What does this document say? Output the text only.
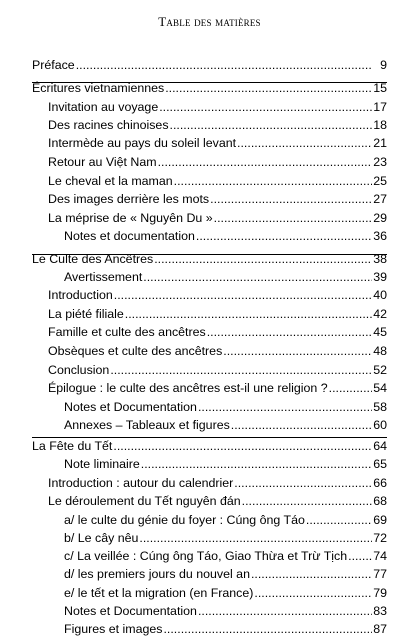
Table des matières
Préface .....	9
Écritures vietnamiennes .....	15
Invitation au voyage .....	17
Des racines chinoises .....	18
Intermède au pays du soleil levant .....	21
Retour au Việt Nam .....	23
Le cheval et la maman .....	25
Des images derrière les mots .....	27
La méprise de « Nguyên Du » .....	29
Notes et documentation .....	36
Le Culte des Ancêtres .....	38
Avertissement .....	39
Introduction .....	40
La piété filiale .....	42
Famille et culte des ancêtres .....	45
Obsèques et culte des ancêtres .....	48
Conclusion .....	52
Épilogue : le culte des ancêtres est-il une religion ? .....	54
Notes et Documentation .....	58
Annexes – Tableaux et figures .....	60
La Fête du Tết .....	64
Note liminaire .....	65
Introduction : autour du calendrier .....	66
Le déroulement du Tết nguyên đán .....	68
a/ le culte du génie du foyer : Cúng ông Táo .....	69
b/ Le cây nêu .....	72
c/ La veillée : Cúng ông Táo, Giao Thừa et Trừ Tịch ..... 74
d/ les premiers jours du nouvel an .....	77
e/ le tết et la migration (en France) .....	79
Notes et Documentation .....	83
Figures et images .....	87
